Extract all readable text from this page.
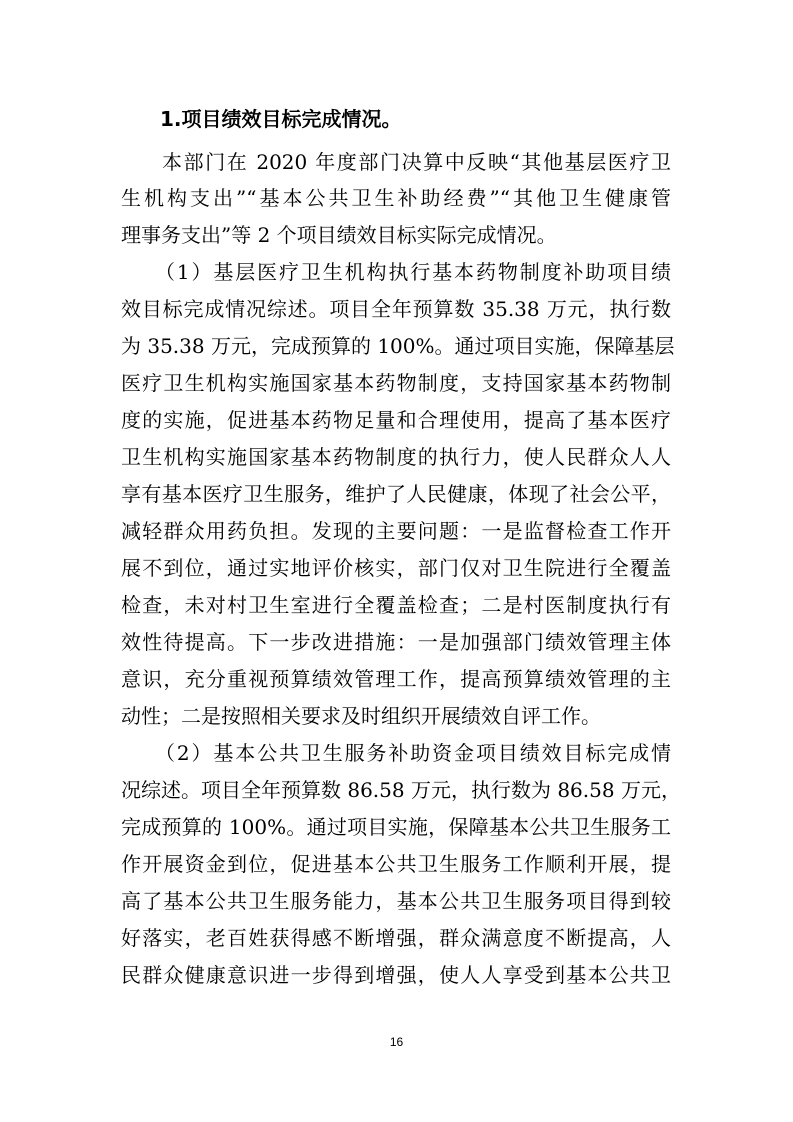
1.项目绩效目标完成情况。
本部门在 2020 年度部门决算中反映“其他基层医疗卫
生机构支出”“基本公共卫生补助经费”“其他卫生健康管
理事务支出”等 2 个项目绩效目标实际完成情况。
（1）基层医疗卫生机构执行基本药物制度补助项目绩
效目标完成情况综述。项目全年预算数 35.38 万元，执行数
为 35.38 万元，完成预算的 100%。通过项目实施，保障基层
医疗卫生机构实施国家基本药物制度，支持国家基本药物制
度的实施，促进基本药物足量和合理使用，提高了基本医疗
卫生机构实施国家基本药物制度的执行力，使人民群众人人
享有基本医疗卫生服务，维护了人民健康，体现了社会公平，
减轻群众用药负担。发现的主要问题：一是监督检查工作开
展不到位，通过实地评价核实，部门仅对卫生院进行全覆盖
检查，未对村卫生室进行全覆盖检查；二是村医制度执行有
效性待提高。下一步改进措施：一是加强部门绩效管理主体
意识，充分重视预算绩效管理工作，提高预算绩效管理的主
动性；二是按照相关要求及时组织开展绩效自评工作。
（2）基本公共卫生服务补助资金项目绩效目标完成情
况综述。项目全年预算数 86.58 万元，执行数为 86.58 万元，
完成预算的 100%。通过项目实施，保障基本公共卫生服务工
作开展资金到位，促进基本公共卫生服务工作顺利开展，提
高了基本公共卫生服务能力，基本公共卫生服务项目得到较
好落实，老百姓获得感不断增强，群众满意度不断提高，人
民群众健康意识进一步得到增强，使人人享受到基本公共卫
16
